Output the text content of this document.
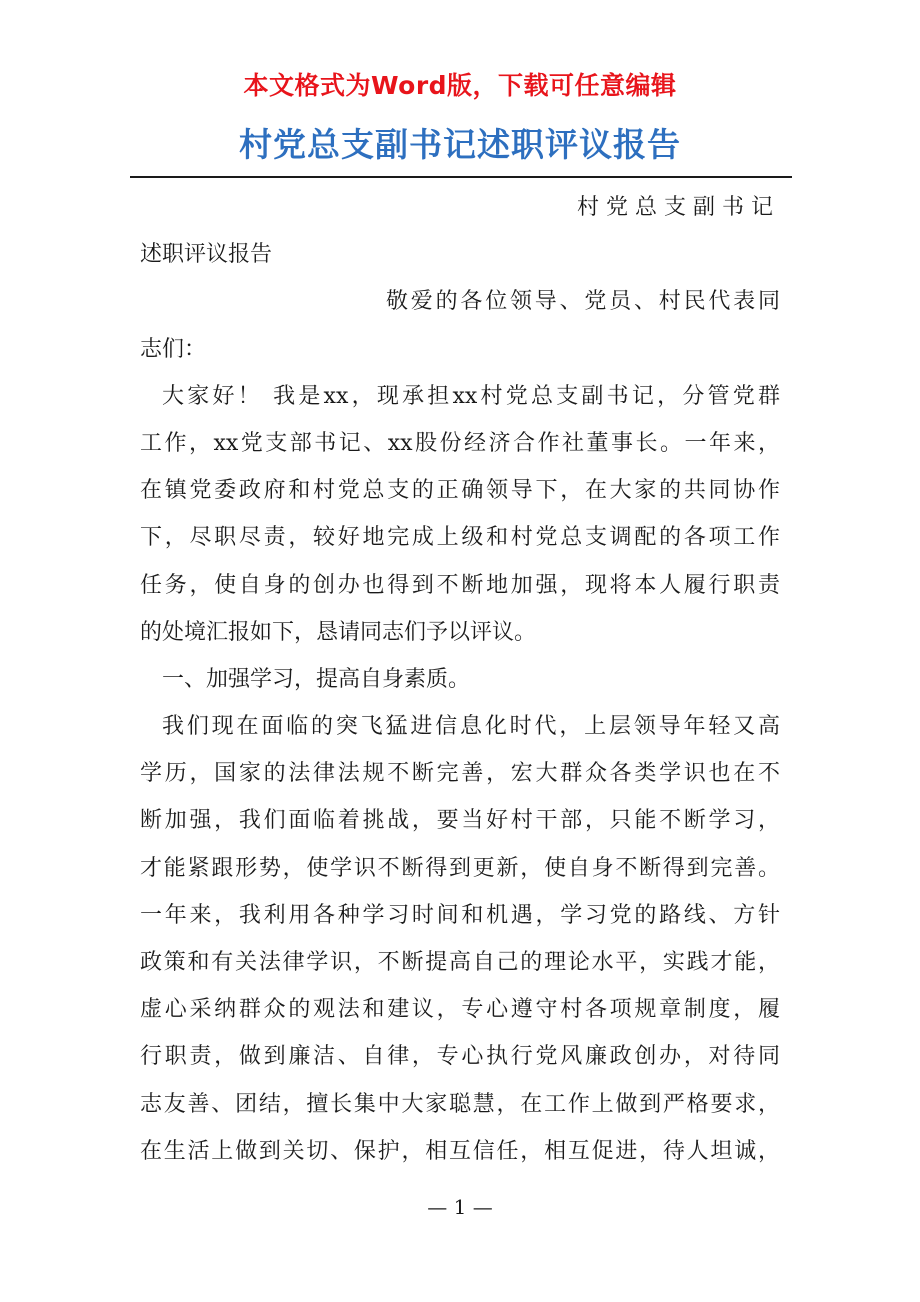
本文格式为Word版，下载可任意编辑
村党总支副书记述职评议报告
村党总支副书记
述职评议报告
敬爱的各位领导、党员、村民代表同
志们：
大家好！ 我是xx，现承担xx村党总支副书记，分管党群
工作，xx党支部书记、xx股份经济合作社董事长。一年来，
在镇党委政府和村党总支的正确领导下，在大家的共同协作
下，尽职尽责，较好地完成上级和村党总支调配的各项工作
任务，使自身的创办也得到不断地加强，现将本人履行职责
的处境汇报如下，恳请同志们予以评议。
一、加强学习，提高自身素质。
我们现在面临的突飞猛进信息化时代，上层领导年轻又高
学历，国家的法律法规不断完善，宏大群众各类学识也在不
断加强，我们面临着挑战，要当好村干部，只能不断学习，
才能紧跟形势，使学识不断得到更新，使自身不断得到完善。
一年来，我利用各种学习时间和机遇，学习党的路线、方针
政策和有关法律学识，不断提高自己的理论水平，实践才能，
虚心采纳群众的观法和建议，专心遵守村各项规章制度，履
行职责，做到廉洁、自律，专心执行党风廉政创办，对待同
志友善、团结，擅长集中大家聪慧，在工作上做到严格要求，
在生活上做到关切、保护，相互信任，相互促进，待人坦诚，
— 1 —
